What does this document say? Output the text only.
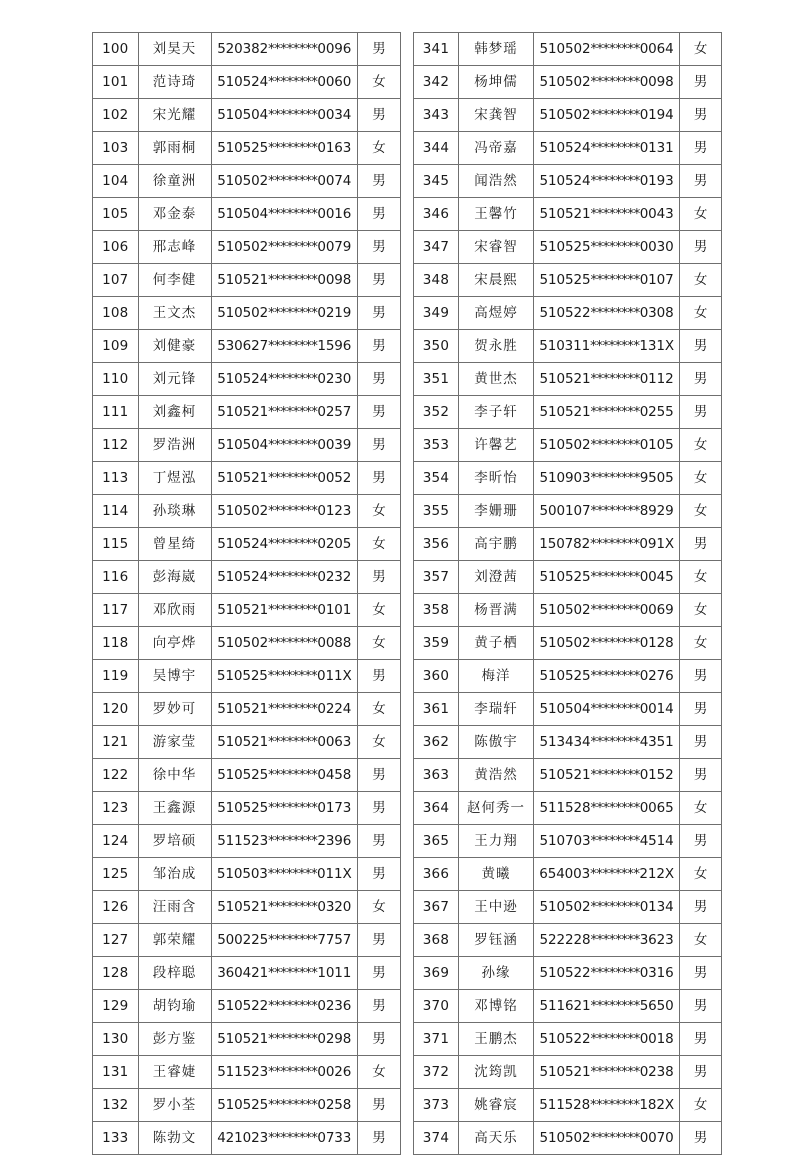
100	刘昊天	520382********0096	男
101	范诗琦	510524********0060	女
102	宋光耀	510504********0034	男
103	郭雨桐	510525********0163	女
104	徐童洲	510502********0074	男
105	邓金泰	510504********0016	男
106	邢志峰	510502********0079	男
107	何李健	510521********0098	男
108	王文杰	510502********0219	男
109	刘健豪	530627********1596	男
110	刘元锋	510524********0230	男
111	刘鑫柯	510521********0257	男
112	罗浩洲	510504********0039	男
113	丁煜泓	510521********0052	男
114	孙琰琳	510502********0123	女
115	曾星绮	510524********0205	女
116	彭海崴	510524********0232	男
117	邓欣雨	510521********0101	女
118	向亭烨	510502********0088	女
119	吴博宇	510525********011X	男
120	罗妙可	510521********0224	女
121	游家莹	510521********0063	女
122	徐中华	510525********0458	男
123	王鑫源	510525********0173	男
124	罗培硕	511523********2396	男
125	邹治成	510503********011X	男
126	汪雨含	510521********0320	女
127	郭荣耀	500225********7757	男
128	段梓聪	360421********1011	男
129	胡钧瑜	510522********0236	男
130	彭方鉴	510521********0298	男
131	王睿婕	511523********0026	女
132	罗小荃	510525********0258	男
133	陈勃文	421023********0733	男
341	韩梦瑶	510502********0064	女
342	杨坤儒	510502********0098	男
343	宋龚智	510502********0194	男
344	冯帝嘉	510524********0131	男
345	闻浩然	510524********0193	男
346	王馨竹	510521********0043	女
347	宋睿智	510525********0030	男
348	宋晨熙	510525********0107	女
349	高煜婷	510522********0308	女
350	贺永胜	510311********131X	男
351	黄世杰	510521********0112	男
352	李子轩	510521********0255	男
353	许馨艺	510502********0105	女
354	李昕怡	510903********9505	女
355	李姗珊	500107********8929	女
356	高宇鹏	150782********091X	男
357	刘澄茜	510525********0045	女
358	杨晋满	510502********0069	女
359	黄子栖	510502********0128	女
360	梅洋	510525********0276	男
361	李瑞轩	510504********0014	男
362	陈傲宇	513434********4351	男
363	黄浩然	510521********0152	男
364	赵何秀一	511528********0065	女
365	王力翔	510703********4514	男
366	黄曦	654003********212X	女
367	王中逊	510502********0134	男
368	罗钰涵	522228********3623	女
369	孙缘	510522********0316	男
370	邓博铭	511621********5650	男
371	王鹏杰	510522********0018	男
372	沈筠凯	510521********0238	男
373	姚睿宸	511528********182X	女
374	高天乐	510502********0070	男
